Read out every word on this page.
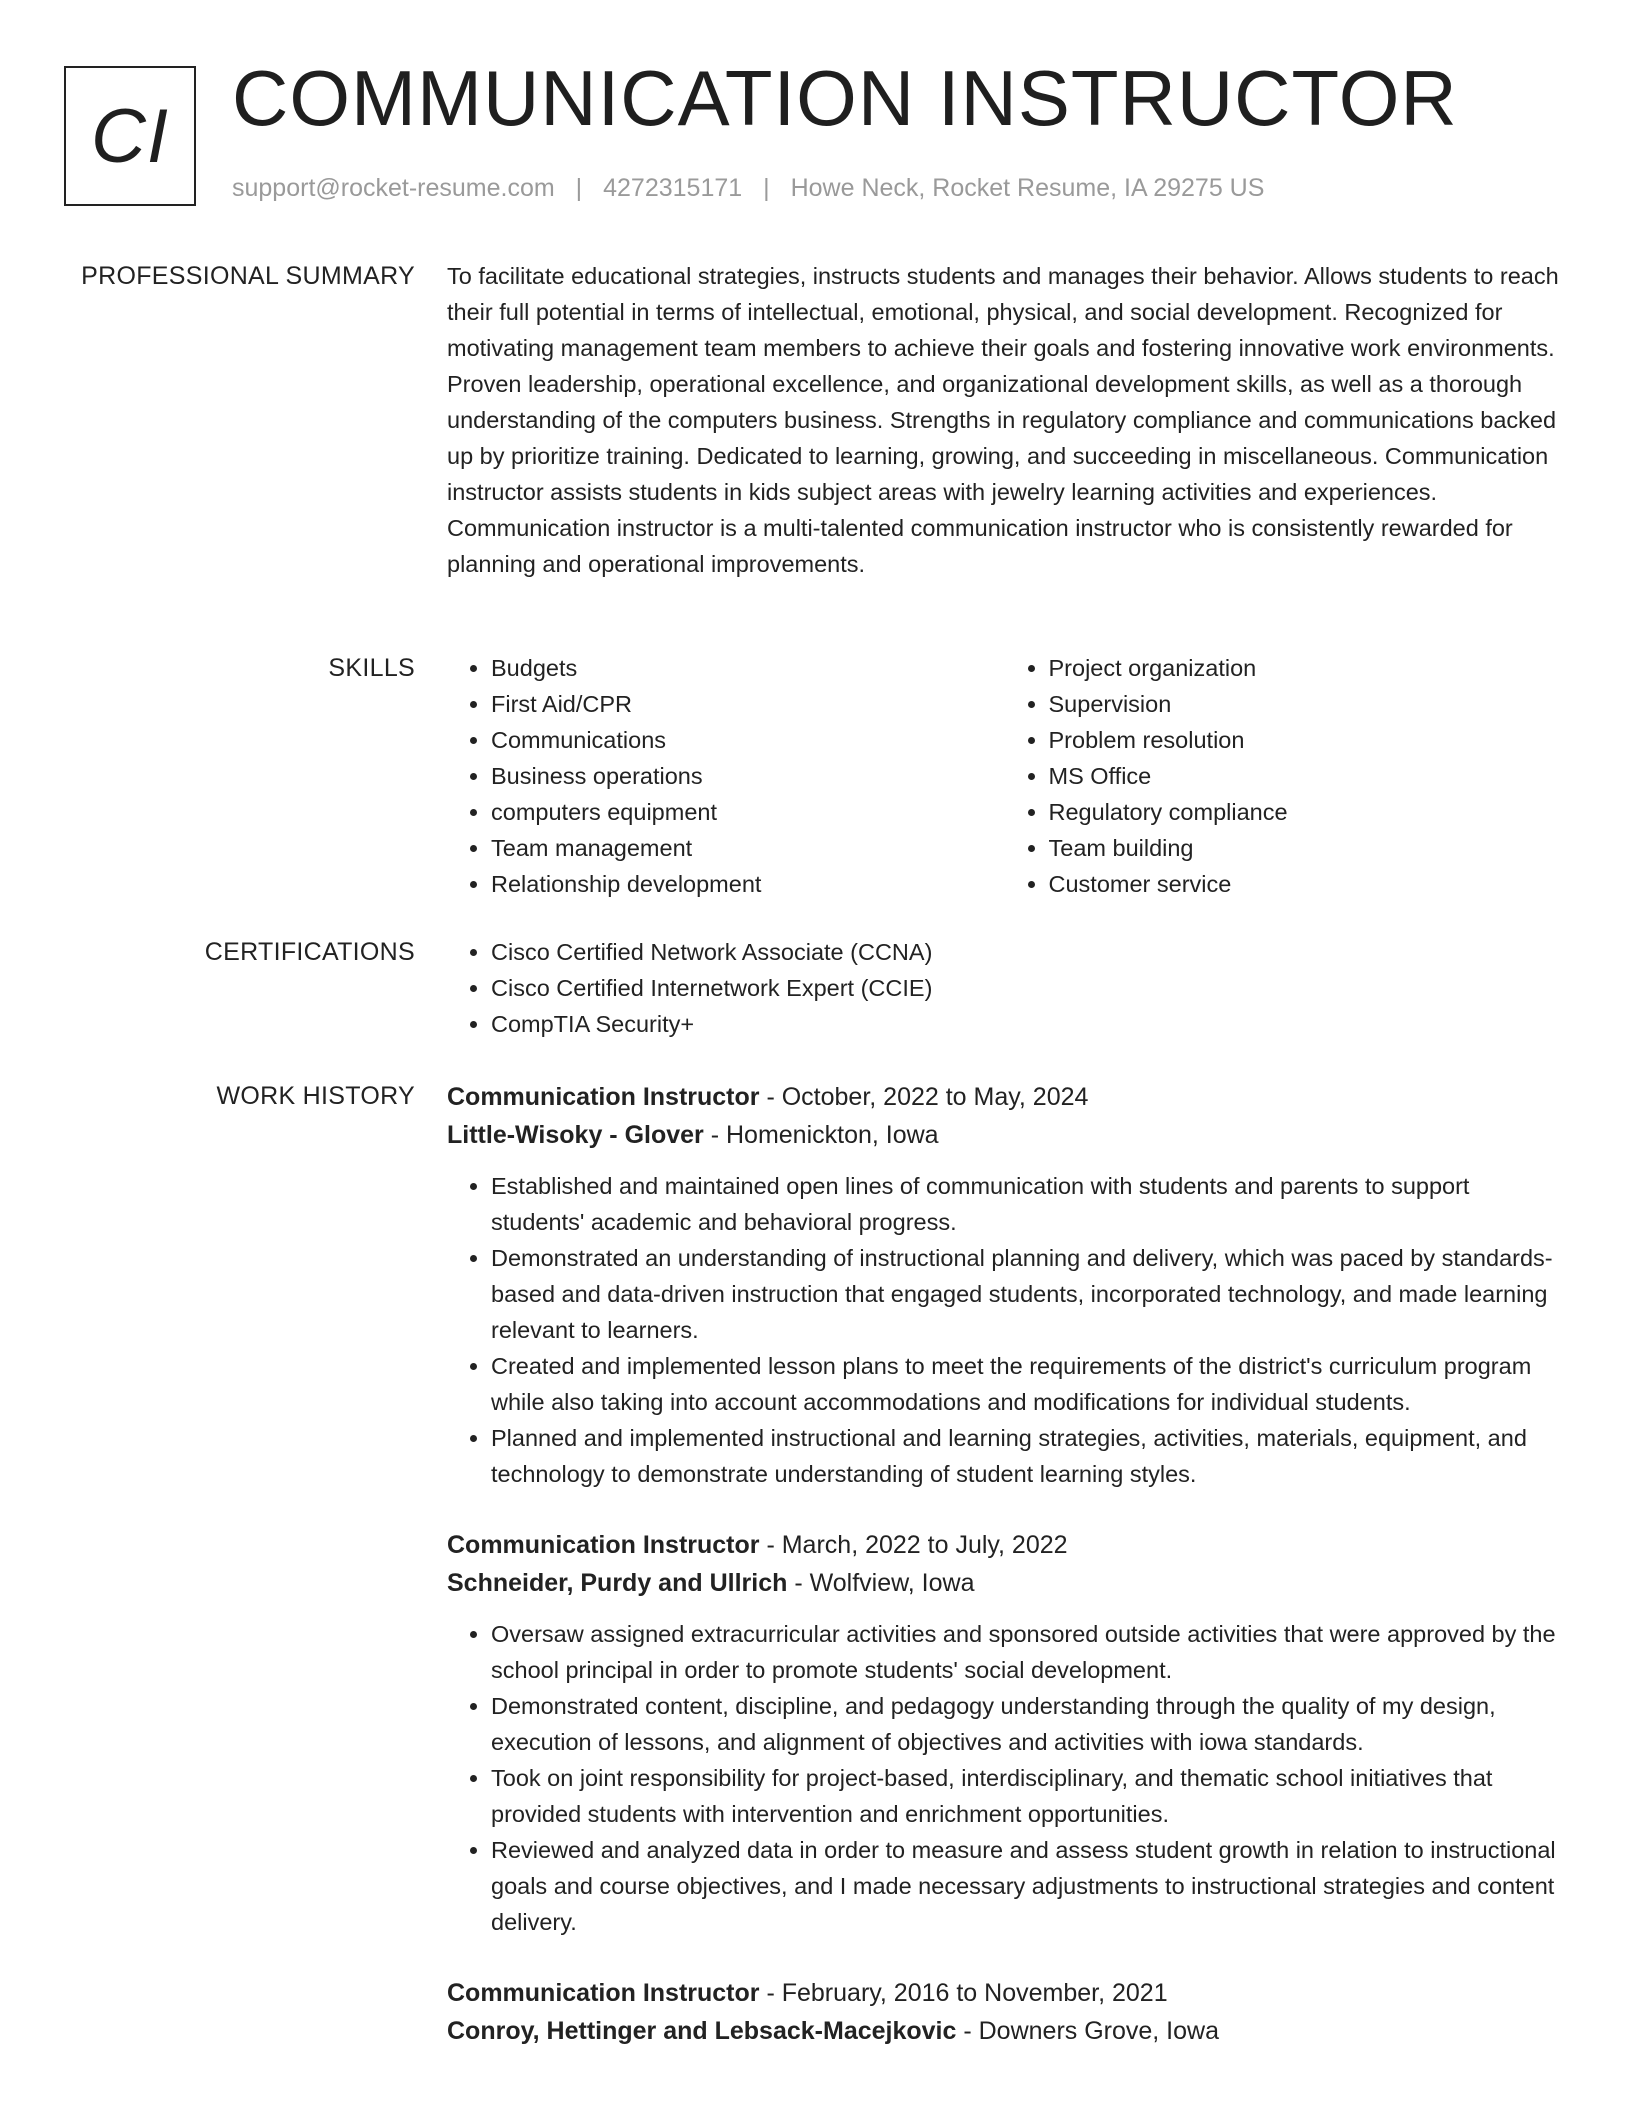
CI COMMUNICATION INSTRUCTOR
support@rocket-resume.com | 4272315171 | Howe Neck, Rocket Resume, IA 29275 US
PROFESSIONAL SUMMARY To facilitate educational strategies, instructs students and manages their behavior. Allows students to reach their full potential in terms of intellectual, emotional, physical, and social development. Recognized for motivating management team members to achieve their goals and fostering innovative work environments. Proven leadership, operational excellence, and organizational development skills, as well as a thorough understanding of the computers business. Strengths in regulatory compliance and communications backed up by prioritize training. Dedicated to learning, growing, and succeeding in miscellaneous. Communication instructor assists students in kids subject areas with jewelry learning activities and experiences. Communication instructor is a multi-talented communication instructor who is consistently rewarded for planning and operational improvements.

SKILLS	• Budgets
• First Aid/CPR
• Communications
• Business operations
• computers equipment
• Team management
• Relationship development
• Project organization
• Supervision
• Problem resolution
• MS Office
• Regulatory compliance
• Team building
• Customer service
CERTIFICATIONS	• Cisco Certified Network Associate (CCNA)
• Cisco Certified Internetwork Expert (CCIE)
• CompTIA Security+
WORK HISTORY Communication Instructor - October, 2022 to May, 2024
Little-Wisoky - Glover - Homenickton, Iowa
• Established and maintained open lines of communication with students and parents to support students' academic and behavioral progress.
• Demonstrated an understanding of instructional planning and delivery, which was paced by standards-based and data-driven instruction that engaged students, incorporated technology, and made learning relevant to learners.
• Created and implemented lesson plans to meet the requirements of the district's curriculum program while also taking into account accommodations and modifications for individual students.
• Planned and implemented instructional and learning strategies, activities, materials, equipment, and technology to demonstrate understanding of student learning styles.
Communication Instructor - March, 2022 to July, 2022
Schneider, Purdy and Ullrich - Wolfview, Iowa
• Oversaw assigned extracurricular activities and sponsored outside activities that were approved by the school principal in order to promote students' social development.
• Demonstrated content, discipline, and pedagogy understanding through the quality of my design, execution of lessons, and alignment of objectives and activities with iowa standards.
• Took on joint responsibility for project-based, interdisciplinary, and thematic school initiatives that provided students with intervention and enrichment opportunities.
• Reviewed and analyzed data in order to measure and assess student growth in relation to instructional goals and course objectives, and I made necessary adjustments to instructional strategies and content delivery.
Communication Instructor - February, 2016 to November, 2021
Conroy, Hettinger and Lebsack-Macejkovic - Downers Grove, Iowa
